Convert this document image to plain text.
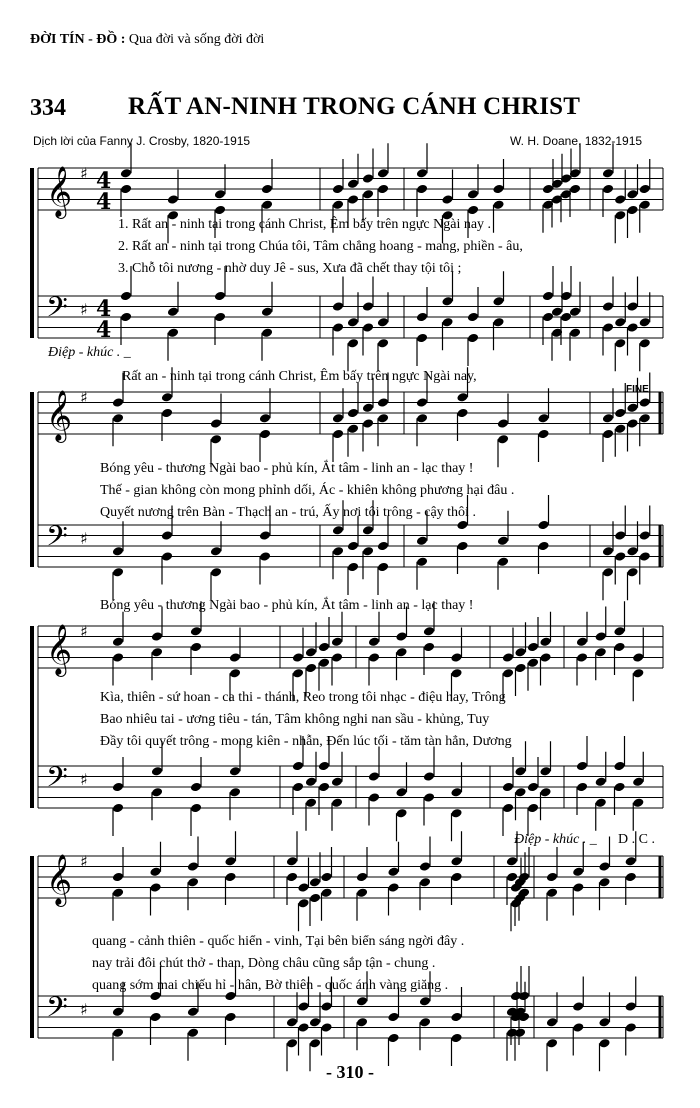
ĐỜI TÍN - ĐỒ : Qua đời và sống đời đời
334 RẤT AN-NINH TRONG CÁNH CHRIST
Dịch lời của Fanny J. Crosby, 1820-1915	W. H. Doane, 1832-1915
𝄞 ♯ 4
4
𝄢 ♯ 4
4
𝄞 ♯
𝄢 ♯
𝄞 ♯
𝄢 ♯
𝄞 ♯
𝄢 ♯
1. Rất an - ninh tại trong cánh Christ, Êm bấy trên ngực Ngài nay .
2. Rất an - ninh tại trong Chúa tôi, Tâm chẳng hoang - mang, phiền - âu,
3. Chỗ tôi nương - nhờ duy Jê - sus, Xưa đã chết thay tội tôi ;
Điệp - khúc . _
Rất an - ninh tại trong cánh Christ, Êm bấy trên ngực Ngài nay,
FINE
Bóng yêu - thương Ngài bao - phủ kín, Ắt tâm - linh an - lạc thay !
Thế - gian không còn mong phỉnh dối, Ác - khiên không phương hại đâu .
Quyết nương trên Bàn - Thạch an - trú, Ấy nơi tôi trông - cậy thôi .
Bóng yêu - thương Ngài bao - phủ kín, Ắt tâm - linh an - lạc thay !
Kìa, thiên - sứ hoan - ca thi - thánh, Reo trong tôi nhạc - điệu hay, Trông
Bao nhiêu tai - ương tiêu - tán, Tâm không nghi nan sầu - khủng, Tuy
Đầy tôi quyết trông - mong kiên - nhẫn, Đến lúc tối - tăm tàn hẳn, Dương
Điệp - khúc . _ D . C .
quang - cảnh thiên - quốc hiển - vinh, Tại bên biển sáng ngời đây .
nay trải đôi chút thở - than, Dòng châu cũng sắp tận - chung .
quang sớm mai chiếu hỉ - hân, Bờ thiên - quốc ánh vàng giăng .
- 310 -
